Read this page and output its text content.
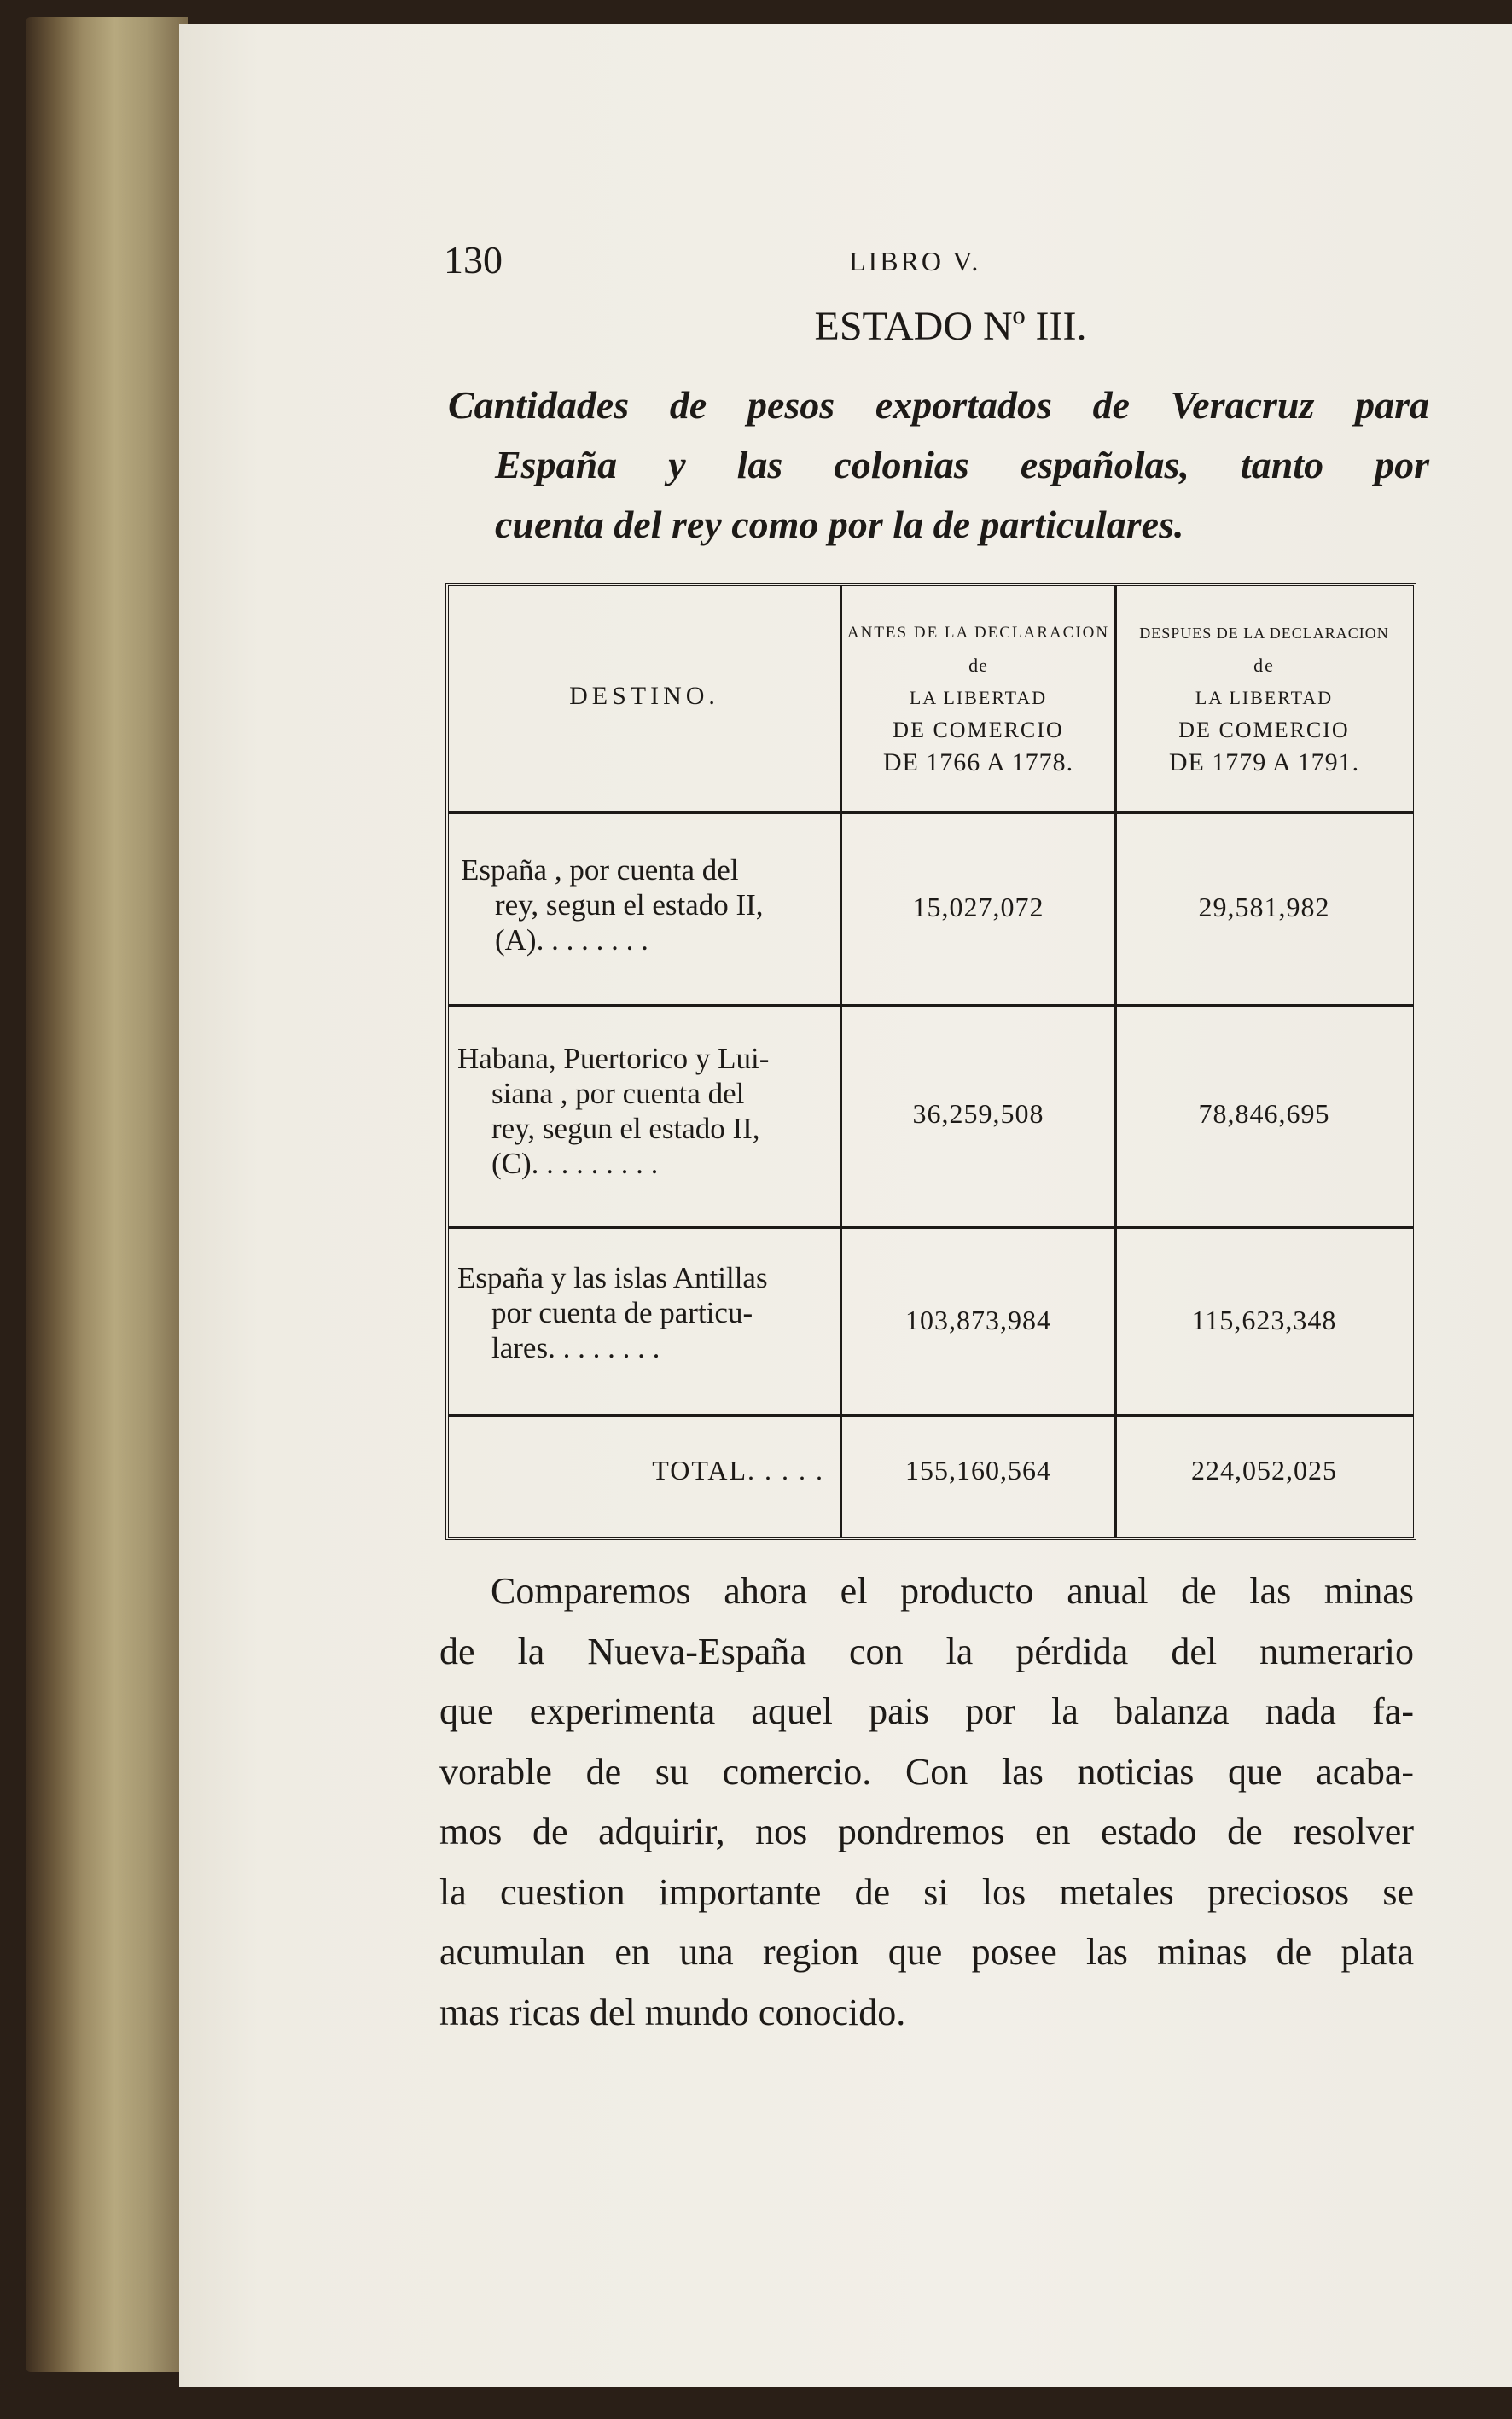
130	LIBRO V.
ESTADO Nº III.
Cantidades de pesos exportados de Veracruz para
España y las colonias españolas, tanto por
cuenta del rey como por la de particulares.
DESTINO.
ANTES DE LA DECLARACION
de
LA LIBERTAD
DE COMERCIO
DE 1766 A 1778.
DESPUES DE LA DECLARACION
de
LA LIBERTAD
DE COMERCIO
DE 1779 A 1791.
España , por cuenta del
rey, segun el estado II,
(A). . . . . . . .
15,027,072	29,581,982
Habana, Puertorico y Lui-
siana , por cuenta del
rey, segun el estado II,
(C). . . . . . . . .
36,259,508	78,846,695
España y las islas Antillas
por cuenta de particu-
lares. . . . . . . .
103,873,984	115,623,348
TOTAL. . . . .	155,160,564	224,052,025
Comparemos ahora el producto anual de las minas
de la Nueva-España con la pérdida del numerario
que experimenta aquel pais por la balanza nada fa-
vorable de su comercio. Con las noticias que acaba-
mos de adquirir, nos pondremos en estado de resolver
la cuestion importante de si los metales preciosos se
acumulan en una region que posee las minas de plata
mas ricas del mundo conocido.
